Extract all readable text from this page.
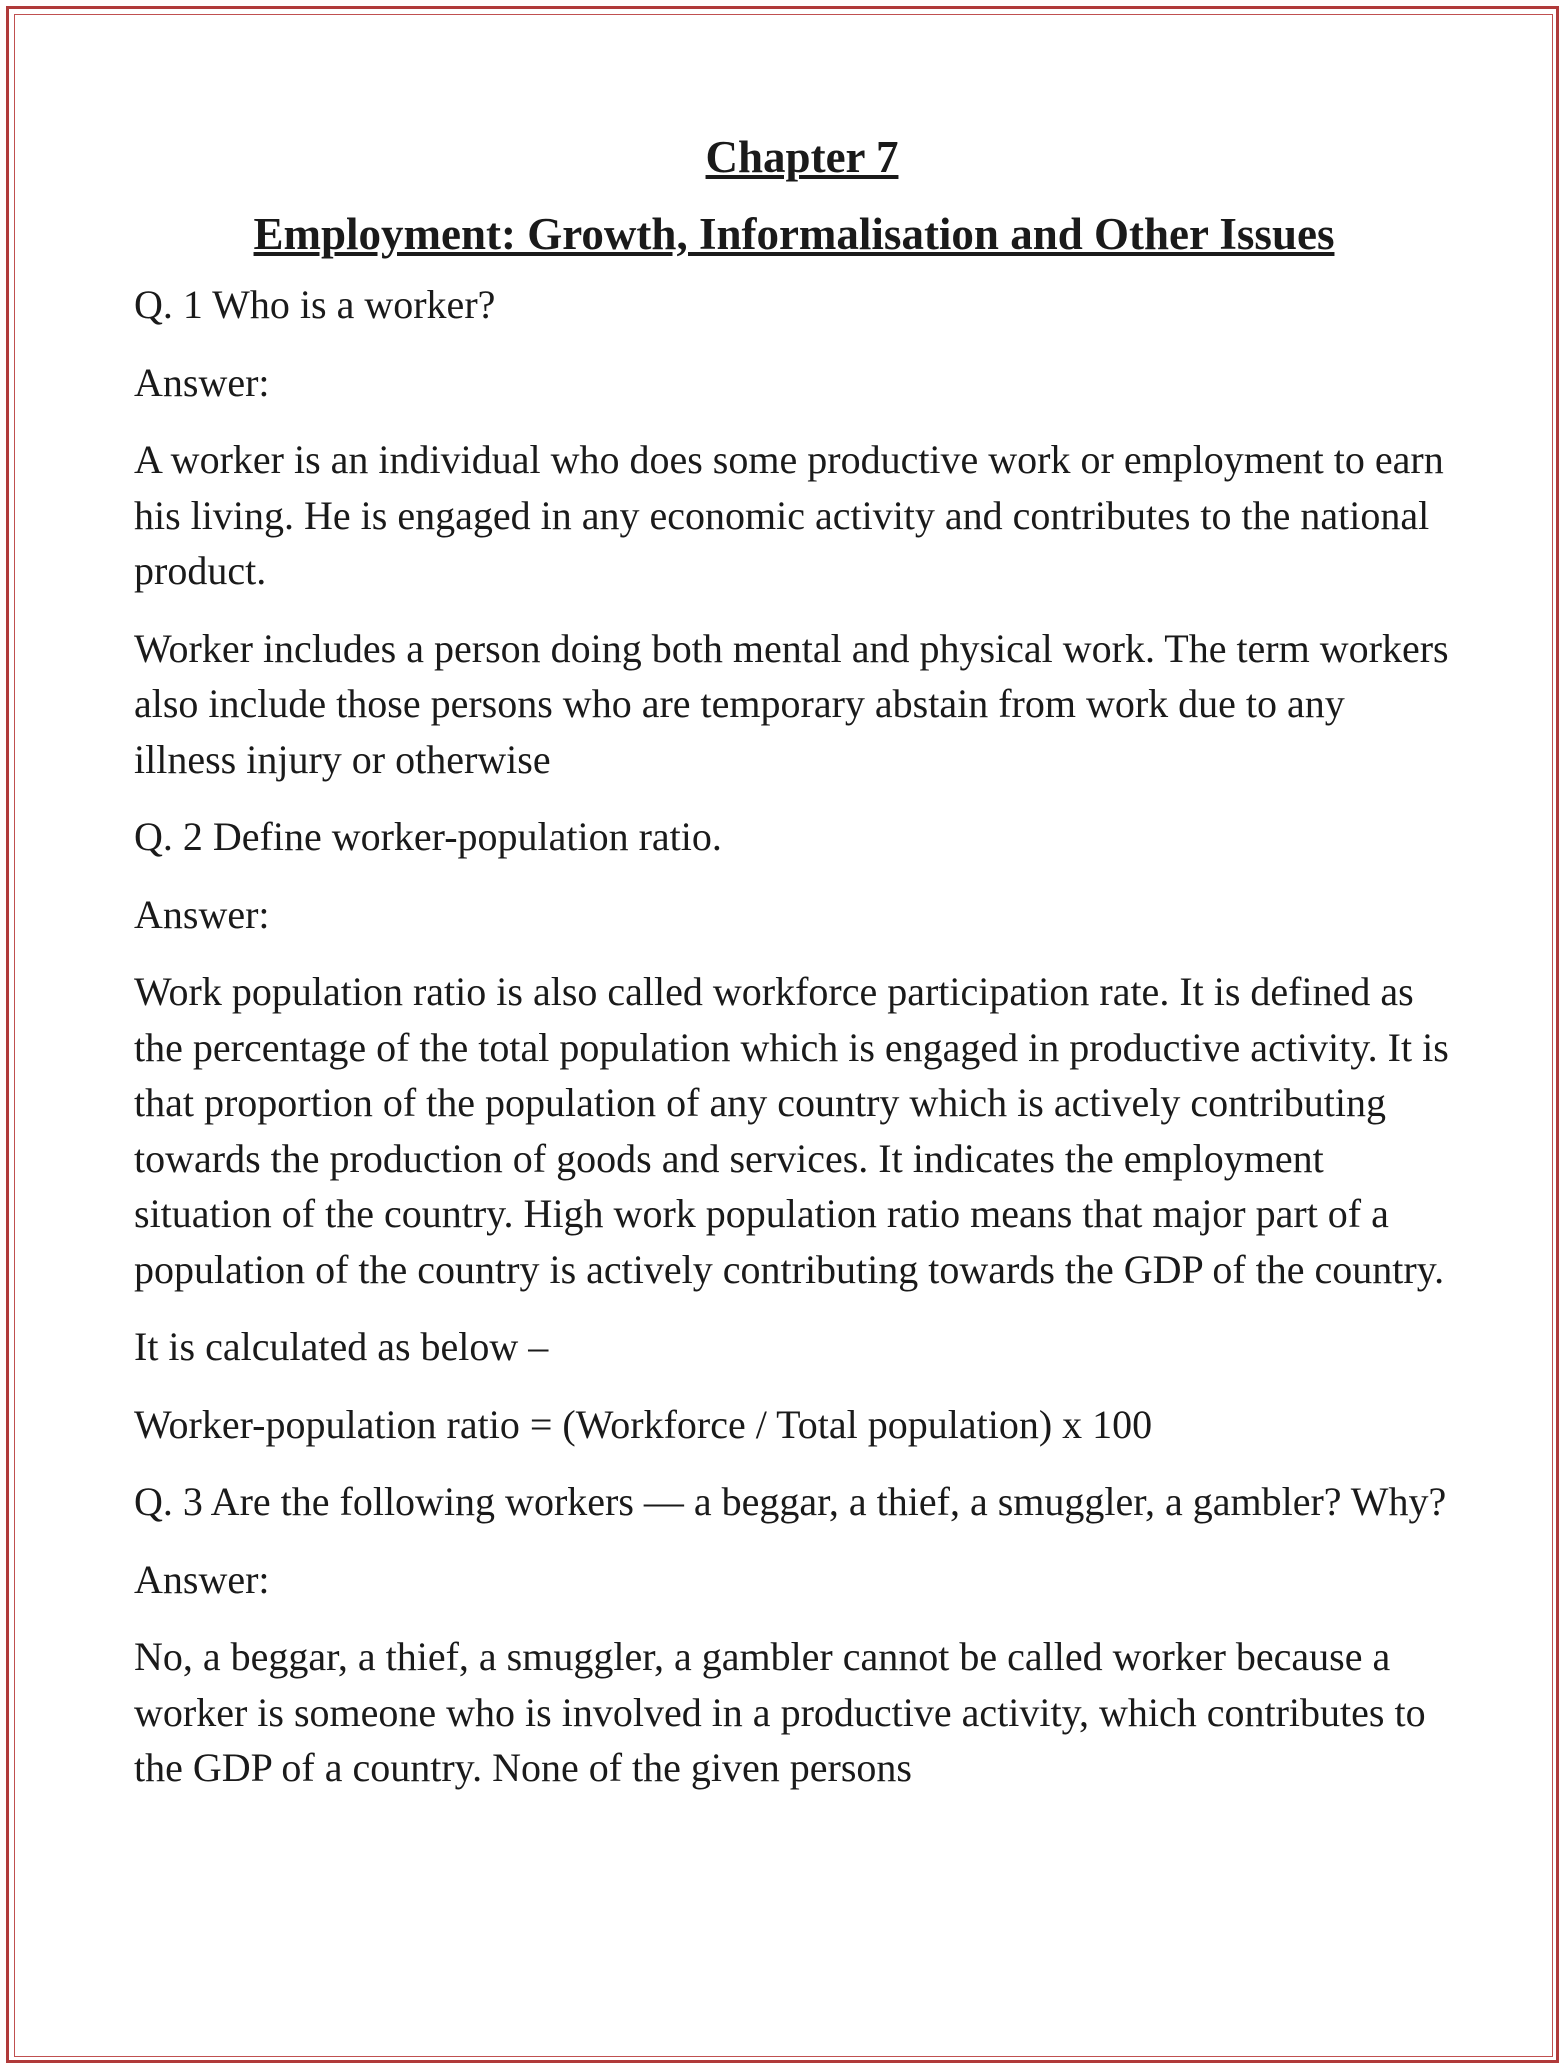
Chapter 7
Employment: Growth, Informalisation and Other Issues

Q. 1 Who is a worker?

Answer:

A worker is an individual who does some productive work or employment to earn his living. He is engaged in any economic activity and contributes to the national product.

Worker includes a person doing both mental and physical work. The term workers also include those persons who are temporary abstain from work due to any illness injury or otherwise

Q. 2 Define worker-population ratio.

Answer:

Work population ratio is also called workforce participation rate. It is defined as the percentage of the total population which is engaged in productive activity. It is that proportion of the population of any country which is actively contributing towards the production of goods and services. It indicates the employment situation of the country. High work population ratio means that major part of a population of the country is actively contributing towards the GDP of the country.

It is calculated as below –

Worker-population ratio = (Workforce / Total population) x 100

Q. 3 Are the following workers — a beggar, a thief, a smuggler, a gambler? Why?

Answer:

No, a beggar, a thief, a smuggler, a gambler cannot be called worker because a worker is someone who is involved in a productive activity, which contributes to the GDP of a country. None of the given persons
